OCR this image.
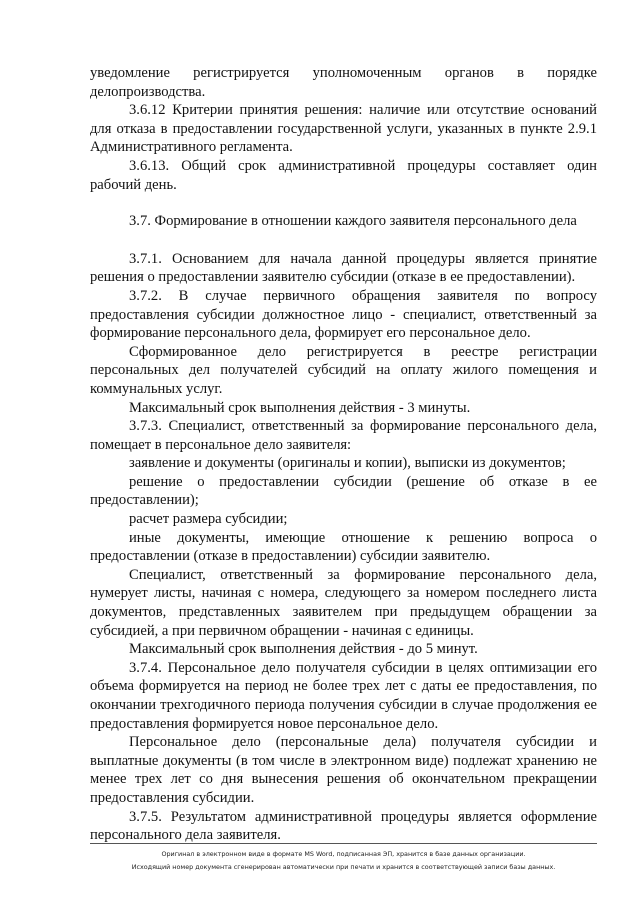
уведомление регистрируется уполномоченным органов в порядке делопроизводства.

3.6.12 Критерии принятия решения: наличие или отсутствие оснований для отказа в предоставлении государственной услуги, указанных в пункте 2.9.1 Административного регламента.

3.6.13. Общий срок административной процедуры составляет один рабочий день.

3.7. Формирование в отношении каждого заявителя персонального дела

3.7.1. Основанием для начала данной процедуры является принятие решения о предоставлении заявителю субсидии (отказе в ее предоставлении).

3.7.2. В случае первичного обращения заявителя по вопросу предоставления субсидии должностное лицо - специалист, ответственный за формирование персонального дела, формирует его персональное дело.

Сформированное дело регистрируется в реестре регистрации персональных дел получателей субсидий на оплату жилого помещения и коммунальных услуг.

Максимальный срок выполнения действия - 3 минуты.

3.7.3. Специалист, ответственный за формирование персонального дела, помещает в персональное дело заявителя:

заявление и документы (оригиналы и копии), выписки из документов;

решение о предоставлении субсидии (решение об отказе в ее предоставлении);

расчет размера субсидии;

иные документы, имеющие отношение к решению вопроса о предоставлении (отказе в предоставлении) субсидии заявителю.

Специалист, ответственный за формирование персонального дела, нумерует листы, начиная с номера, следующего за номером последнего листа документов, представленных заявителем при предыдущем обращении за субсидией, а при первичном обращении - начиная с единицы.

Максимальный срок выполнения действия - до 5 минут.

3.7.4. Персональное дело получателя субсидии в целях оптимизации его объема формируется на период не более трех лет с даты ее предоставления, по окончании трехгодичного периода получения субсидии в случае продолжения ее предоставления формируется новое персональное дело.

Персональное дело (персональные дела) получателя субсидии и выплатные документы (в том числе в электронном виде) подлежат хранению не менее трех лет со дня вынесения решения об окончательном прекращении предоставления субсидии.

3.7.5. Результатом административной процедуры является оформление персонального дела заявителя.

Оригинал в электронном виде в формате MS Word, подписанная ЭП, хранится в базе данных организации.
Исходящий номер документа сгенерирован автоматически при печати и хранится в соответствующей записи базы данных.
